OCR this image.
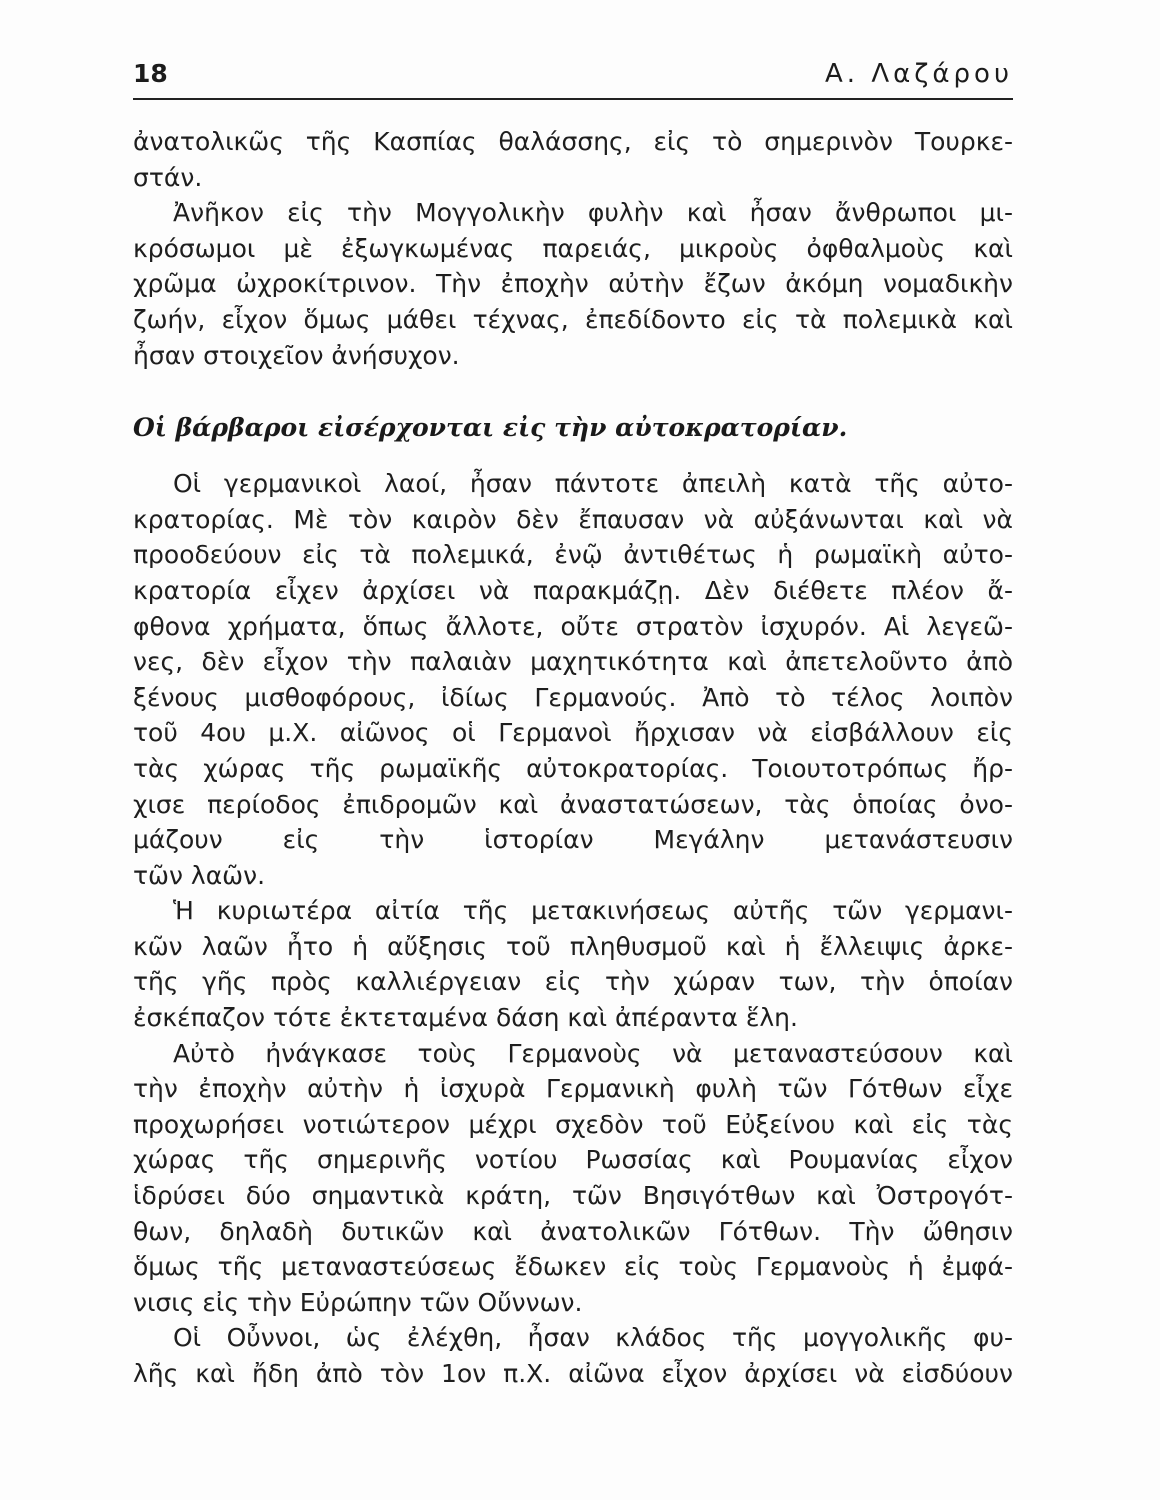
18	Α. Λαζάρου
ἀνατολικῶς τῆς Κασπίας θαλάσσης, εἰς τὸ σημερινὸν Τουρκε-
στάν.
Ἀνῆκον εἰς τὴν Μογγολικὴν φυλὴν καὶ ἦσαν ἄνθρωποι μι-
κρόσωμοι μὲ ἐξωγκωμένας παρειάς, μικροὺς ὀφθαλμοὺς καὶ
χρῶμα ὠχροκίτρινον. Τὴν ἐποχὴν αὐτὴν ἔζων ἀκόμη νομαδικὴν
ζωήν, εἶχον ὅμως μάθει τέχνας, ἐπεδίδοντο εἰς τὰ πολεμικὰ καὶ
ἦσαν στοιχεῖον ἀνήσυχον.
Οἱ βάρβαροι εἰσέρχονται εἰς τὴν αὐτοκρατορίαν.
Οἱ γερμανικοὶ λαοί, ἦσαν πάντοτε ἀπειλὴ κατὰ τῆς αὐτο-
κρατορίας. Μὲ τὸν καιρὸν δὲν ἔπαυσαν νὰ αὐξάνωνται καὶ νὰ
προοδεύουν εἰς τὰ πολεμικά, ἐνῷ ἀντιθέτως ἡ ρωμαϊκὴ αὐτο-
κρατορία εἶχεν ἀρχίσει νὰ παρακμάζῃ. Δὲν διέθετε πλέον ἄ-
φθονα χρήματα, ὅπως ἄλλοτε, οὔτε στρατὸν ἰσχυρόν. Αἱ λεγεῶ-
νες, δὲν εἶχον τὴν παλαιὰν μαχητικότητα καὶ ἀπετελοῦντο ἀπὸ
ξένους μισθοφόρους, ἰδίως Γερμανούς. Ἀπὸ τὸ τέλος λοιπὸν
τοῦ 4ου μ.Χ. αἰῶνος οἱ Γερμανοὶ ἤρχισαν νὰ εἰσβάλλουν εἰς
τὰς χώρας τῆς ρωμαϊκῆς αὐτοκρατορίας. Τοιουτοτρόπως ἤρ-
χισε περίοδος ἐπιδρομῶν καὶ ἀναστατώσεων, τὰς ὁποίας ὀνο-
μάζουν εἰς τὴν ἱστορίαν Μεγάλην μετανάστευσιν
τῶν λαῶν.
Ἡ κυριωτέρα αἰτία τῆς μετακινήσεως αὐτῆς τῶν γερμανι-
κῶν λαῶν ἦτο ἡ αὔξησις τοῦ πληθυσμοῦ καὶ ἡ ἔλλειψις ἀρκε-
τῆς γῆς πρὸς καλλιέργειαν εἰς τὴν χώραν των, τὴν ὁποίαν
ἐσκέπαζον τότε ἐκτεταμένα δάση καὶ ἀπέραντα ἕλη.
Αὐτὸ ἠνάγκασε τοὺς Γερμανοὺς νὰ μεταναστεύσουν καὶ
τὴν ἐποχὴν αὐτὴν ἡ ἰσχυρὰ Γερμανικὴ φυλὴ τῶν Γότθων εἶχε
προχωρήσει νοτιώτερον μέχρι σχεδὸν τοῦ Εὐξείνου καὶ εἰς τὰς
χώρας τῆς σημερινῆς νοτίου Ρωσσίας καὶ Ρουμανίας εἶχον
ἱδρύσει δύο σημαντικὰ κράτη, τῶν Βησιγότθων καὶ Ὀστρογότ-
θων, δηλαδὴ δυτικῶν καὶ ἀνατολικῶν Γότθων. Τὴν ὤθησιν
ὅμως τῆς μεταναστεύσεως ἔδωκεν εἰς τοὺς Γερμανοὺς ἡ ἐμφά-
νισις εἰς τὴν Εὐρώπην τῶν Οὔννων.
Οἱ Οὖννοι, ὡς ἐλέχθη, ἦσαν κλάδος τῆς μογγολικῆς φυ-
λῆς καὶ ἤδη ἀπὸ τὸν 1ον π.Χ. αἰῶνα εἶχον ἀρχίσει νὰ εἰσδύουν
